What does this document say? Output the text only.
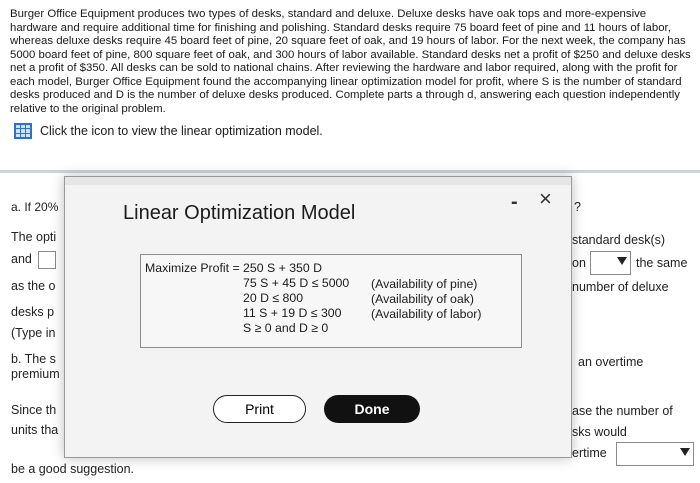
Burger Office Equipment produces two types of desks, standard and deluxe. Deluxe desks have oak tops and more-expensive hardware and require additional time for finishing and polishing. Standard desks require 75 board feet of pine and 11 hours of labor, whereas deluxe desks require 45 board feet of pine, 20 square feet of oak, and 19 hours of labor. For the next week, the company has 5000 board feet of pine, 800 square feet of oak, and 300 hours of labor available. Standard desks net a profit of $250 and deluxe desks net a profit of $350. All desks can be sold to national chains. After reviewing the hardware and labor required, along with the profit for each model, Burger Office Equipment found the accompanying linear optimization model for profit, where S is the number of standard desks produced and D is the number of deluxe desks produced. Complete parts a through d, answering each question independently relative to the original problem.

Click the icon to view the linear optimization model.
a. If 20%
The opti
and
as the o
desks p
(Type in
b. The s
premium
Since th
units tha
be a good suggestion.
?
standard desk(s)
on	the same
number of deluxe
an overtime
ase the number of
sks would
ertime
Linear Optimization Model	- ×
Maximize Profit = 250 S + 350 D
75 S + 45 D ≤ 5000 (Availability of pine)
20 D ≤ 800	(Availability of oak)
11 S + 19 D ≤ 300 (Availability of labor)
S ≥ 0 and D ≥ 0
Print	Done
